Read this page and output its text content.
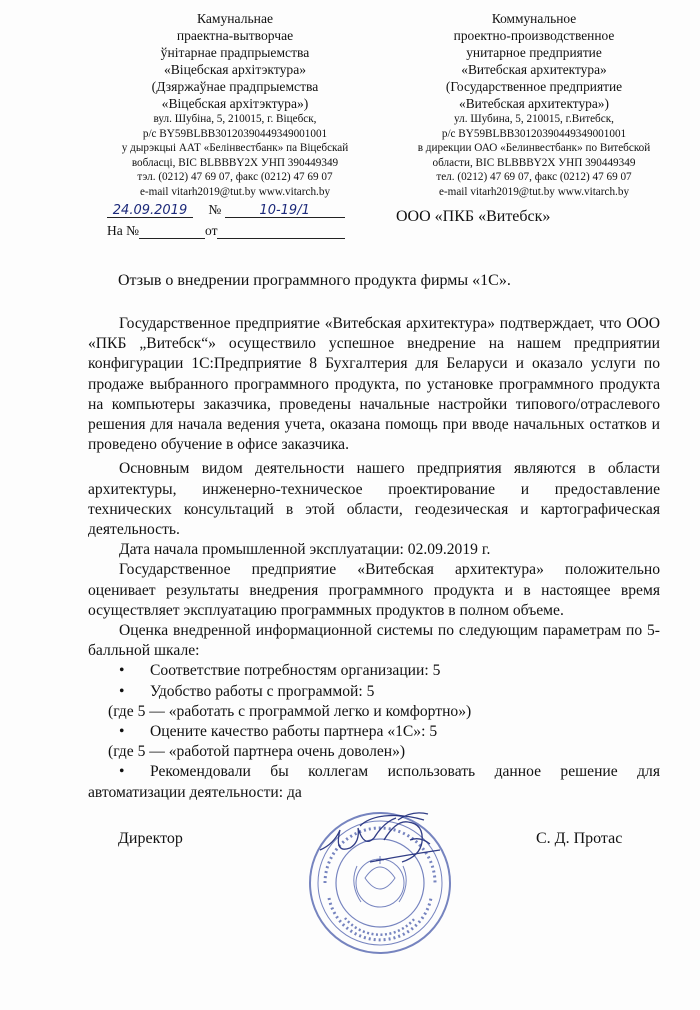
Камунальнае
праектна-вытворчае
ўнітарнае прадпрыемства
«Віцебская архітэктура»
(Дзяржаўнае прадпрыемства
«Віцебская архітэктура»)
вул. Шубіна, 5, 210015, г. Віцебск,
р/с BY59BLBB30120390449349001001
у дырэкцыі ААТ «Белінвестбанк» па Віцебскай
вобласці, BIC BLBBBY2X УНП 390449349
тэл. (0212) 47 69 07, факс (0212) 47 69 07
e-mail vitarh2019@tut.by www.vitarch.by
Коммунальное
проектно-производственное
унитарное предприятие
«Витебская архитектура»
(Государственное предприятие
«Витебская архитектура»)
ул. Шубина, 5, 210015, г.Витебск,
р/с BY59BLBB30120390449349001001
в дирекции ОАО «Белинвестбанк» по Витебской
области, BIC BLBBBY2X УНП 390449349
тел. (0212) 47 69 07, факс (0212) 47 69 07
e-mail vitarh2019@tut.by www.vitarch.by
24.09.2019 №	10-19/1
На №	от
ООО «ПКБ «Витебск»
Отзыв о внедрении программного продукта фирмы «1С».

Государственное предприятие «Витебская архитектура» подтверждает, что ООО «ПКБ „Витебск“» осуществило успешное внедрение на нашем предприятии конфигурации 1С:Предприятие 8 Бухгалтерия для Беларуси и оказало услуги по продаже выбранного программного продукта, по установке программного продукта на компьютеры заказчика, проведены начальные настройки типового/отраслевого решения для начала ведения учета, оказана помощь при вводе начальных остатков и проведено обучение в офисе заказчика.

Основным видом деятельности нашего предприятия являются в области архитектуры, инженерно-техническое проектирование и предоставление технических консультаций в этой области, геодезическая и картографическая деятельность.

Дата начала промышленной эксплуатации: 02.09.2019 г.

Государственное предприятие «Витебская архитектура» положительно оценивает результаты внедрения программного продукта и в настоящее время осуществляет эксплуатацию программных продуктов в полном объеме.

Оценка внедренной информационной системы по следующим параметрам по 5-балльной шкале:

•	Соответствие потребностям организации: 5
•	Удобство работы с программой: 5
(где 5 — «работать с программой легко и комфортно»)
•	Оцените качество работы партнера «1С»: 5
(где 5 — «работой партнера очень доволен»)
• Рекомендовали бы коллегам использовать данное решение для автоматизации деятельности: да
Директор	С. Д. Протас
